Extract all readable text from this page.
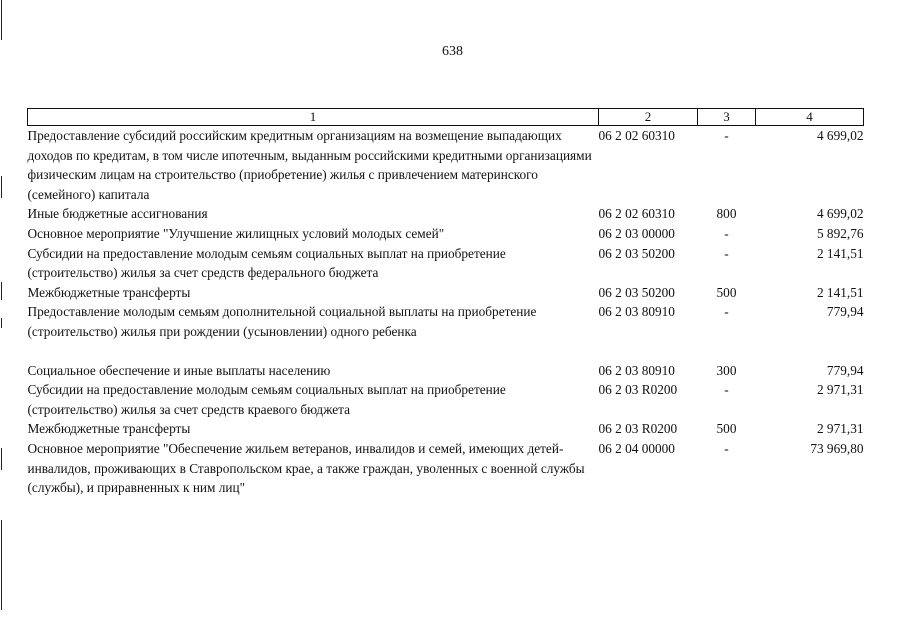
638
1	2	3	4
Предоставление субсидий российским кредитным организациям на возмещение выпадающих доходов по кредитам, в том числе ипотечным, выданным российскими кредитными организациями физическим лицам на строительство (приобретение) жилья с привлечением материнского (семейного) капитала	06 2 02 60310	-	4 699,02
Иные бюджетные ассигнования	06 2 02 60310	800	4 699,02
Основное мероприятие "Улучшение жилищных условий молодых семей"	06 2 03 00000	-	5 892,76
Субсидии на предоставление молодым семьям социальных выплат на приобретение (строительство) жилья за счет средств федерального бюджета	06 2 03 50200	-	2 141,51
Межбюджетные трансферты	06 2 03 50200	500	2 141,51
Предоставление молодым семьям дополнительной социальной выплаты на приобретение (строительство) жилья при рождении (усыновлении) одного ребенка	06 2 03 80910	-	779,94

Социальное обеспечение и иные выплаты населению	06 2 03 80910	300	779,94
Субсидии на предоставление молодым семьям социальных выплат на приобретение (строительство) жилья за счет средств краевого бюджета	06 2 03 R0200	-	2 971,31
Межбюджетные трансферты	06 2 03 R0200	500	2 971,31
Основное мероприятие "Обеспечение жильем ветеранов, инвалидов и семей, имеющих детей-инвалидов, проживающих в Ставропольском крае, а также граждан, уволенных с военной службы (службы), и приравненных к ним лиц"	06 2 04 00000	-	73 969,80
